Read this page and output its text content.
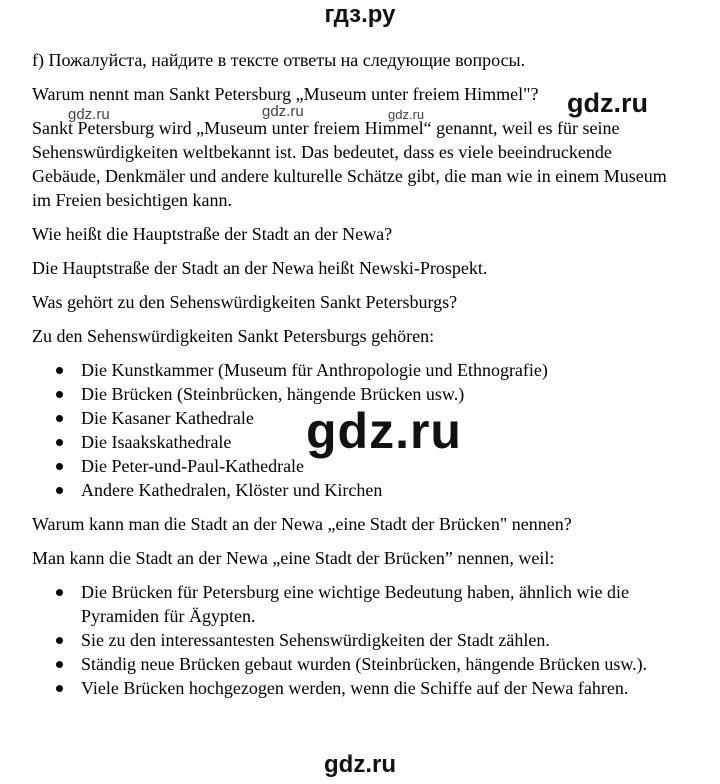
гдз.ру

f) Пожалуйста, найдите в тексте ответы на следующие вопросы.

Warum nennt man Sankt Petersburg „Museum unter freiem Himmel"?

Sankt Petersburg wird „Museum unter freiem Himmel“ genannt, weil es für seine Sehenswürdigkeiten weltbekannt ist. Das bedeutet, dass es viele beeindruckende Gebäude, Denkmäler und andere kulturelle Schätze gibt, die man wie in einem Museum im Freien besichtigen kann.

Wie heißt die Hauptstraße der Stadt an der Newa?

Die Hauptstraße der Stadt an der Newa heißt Newski-Prospekt.

Was gehört zu den Sehenswürdigkeiten Sankt Petersburgs?

Zu den Sehenswürdigkeiten Sankt Petersburgs gehören:

Die Kunstkammer (Museum für Anthropologie und Ethnografie)
Die Brücken (Steinbrücken, hängende Brücken usw.)
Die Kasaner Kathedrale
Die Isaakskathedrale
Die Peter-und-Paul-Kathedrale
Andere Kathedralen, Klöster und Kirchen

Warum kann man die Stadt an der Newa „eine Stadt der Brücken" nennen?

Man kann die Stadt an der Newa „eine Stadt der Brücken” nennen, weil:

Die Brücken für Petersburg eine wichtige Bedeutung haben, ähnlich wie die Pyramiden für Ägypten.
Sie zu den interessantesten Sehenswürdigkeiten der Stadt zählen.
Ständig neue Brücken gebaut wurden (Steinbrücken, hängende Brücken usw.).
Viele Brücken hochgezogen werden, wenn die Schiffe auf der Newa fahren.
gdz.ru	gdz.ru	gdz.ru	gdz.ru
gdz.ru
gdz.ru
